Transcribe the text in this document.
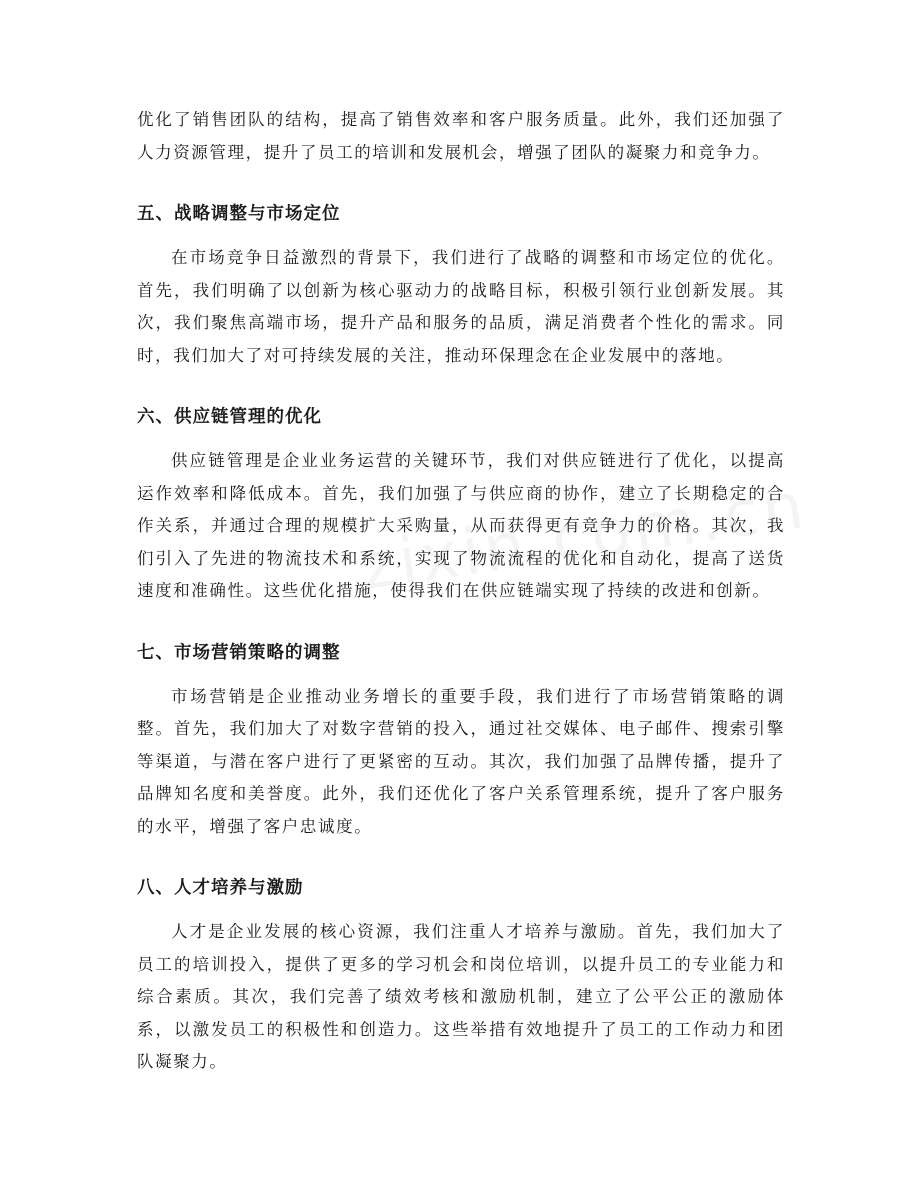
优化了销售团队的结构，提高了销售效率和客户服务质量。此外，我们还加强了人力资源管理，提升了员工的培训和发展机会，增强了团队的凝聚力和竞争力。

五、战略调整与市场定位

在市场竞争日益激烈的背景下，我们进行了战略的调整和市场定位的优化。首先，我们明确了以创新为核心驱动力的战略目标，积极引领行业创新发展。其次，我们聚焦高端市场，提升产品和服务的品质，满足消费者个性化的需求。同时，我们加大了对可持续发展的关注，推动环保理念在企业发展中的落地。

六、供应链管理的优化

供应链管理是企业业务运营的关键环节，我们对供应链进行了优化，以提高运作效率和降低成本。首先，我们加强了与供应商的协作，建立了长期稳定的合作关系，并通过合理的规模扩大采购量，从而获得更有竞争力的价格。其次，我们引入了先进的物流技术和系统，实现了物流流程的优化和自动化，提高了送货速度和准确性。这些优化措施，使得我们在供应链端实现了持续的改进和创新。

七、市场营销策略的调整

市场营销是企业推动业务增长的重要手段，我们进行了市场营销策略的调整。首先，我们加大了对数字营销的投入，通过社交媒体、电子邮件、搜索引擎等渠道，与潜在客户进行了更紧密的互动。其次，我们加强了品牌传播，提升了品牌知名度和美誉度。此外，我们还优化了客户关系管理系统，提升了客户服务的水平，增强了客户忠诚度。

八、人才培养与激励

人才是企业发展的核心资源，我们注重人才培养与激励。首先，我们加大了员工的培训投入，提供了更多的学习机会和岗位培训，以提升员工的专业能力和综合素质。其次，我们完善了绩效考核和激励机制，建立了公平公正的激励体系，以激发员工的积极性和创造力。这些举措有效地提升了员工的工作动力和团队凝聚力。
